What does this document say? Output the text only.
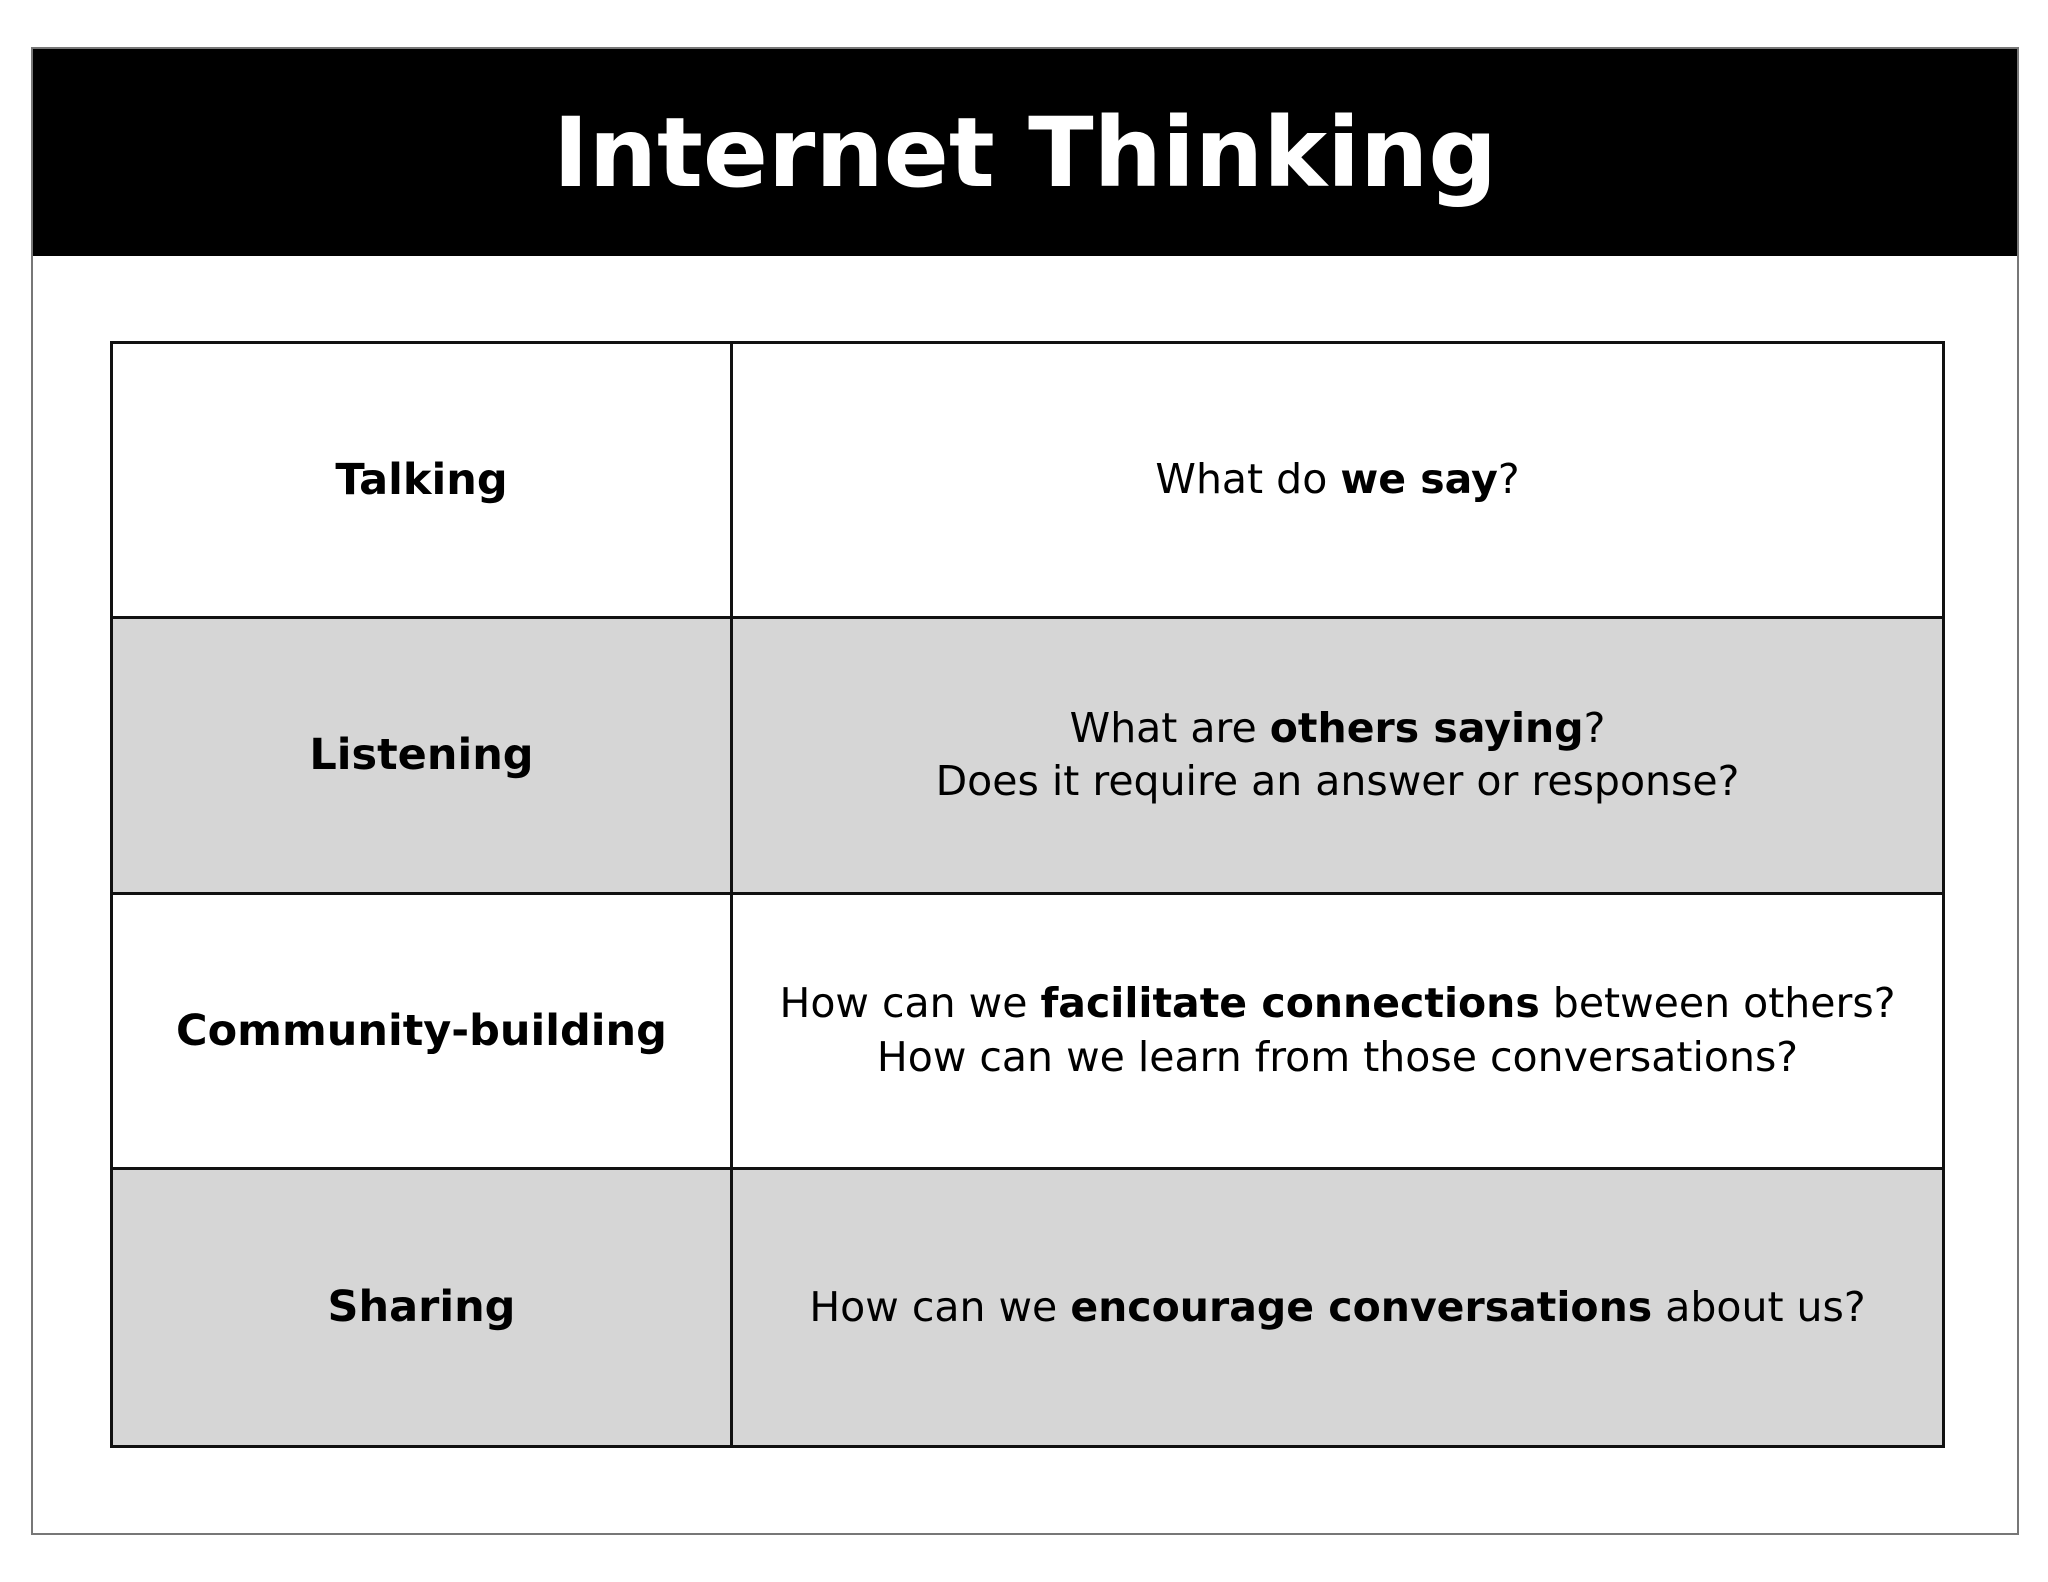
Internet Thinking
Talking	What do we say?
Listening
What are others saying?
Does it require an answer or response?
Community-building
How can we facilitate connections between others?
How can we learn from those conversations?
Sharing	How can we encourage conversations about us?
